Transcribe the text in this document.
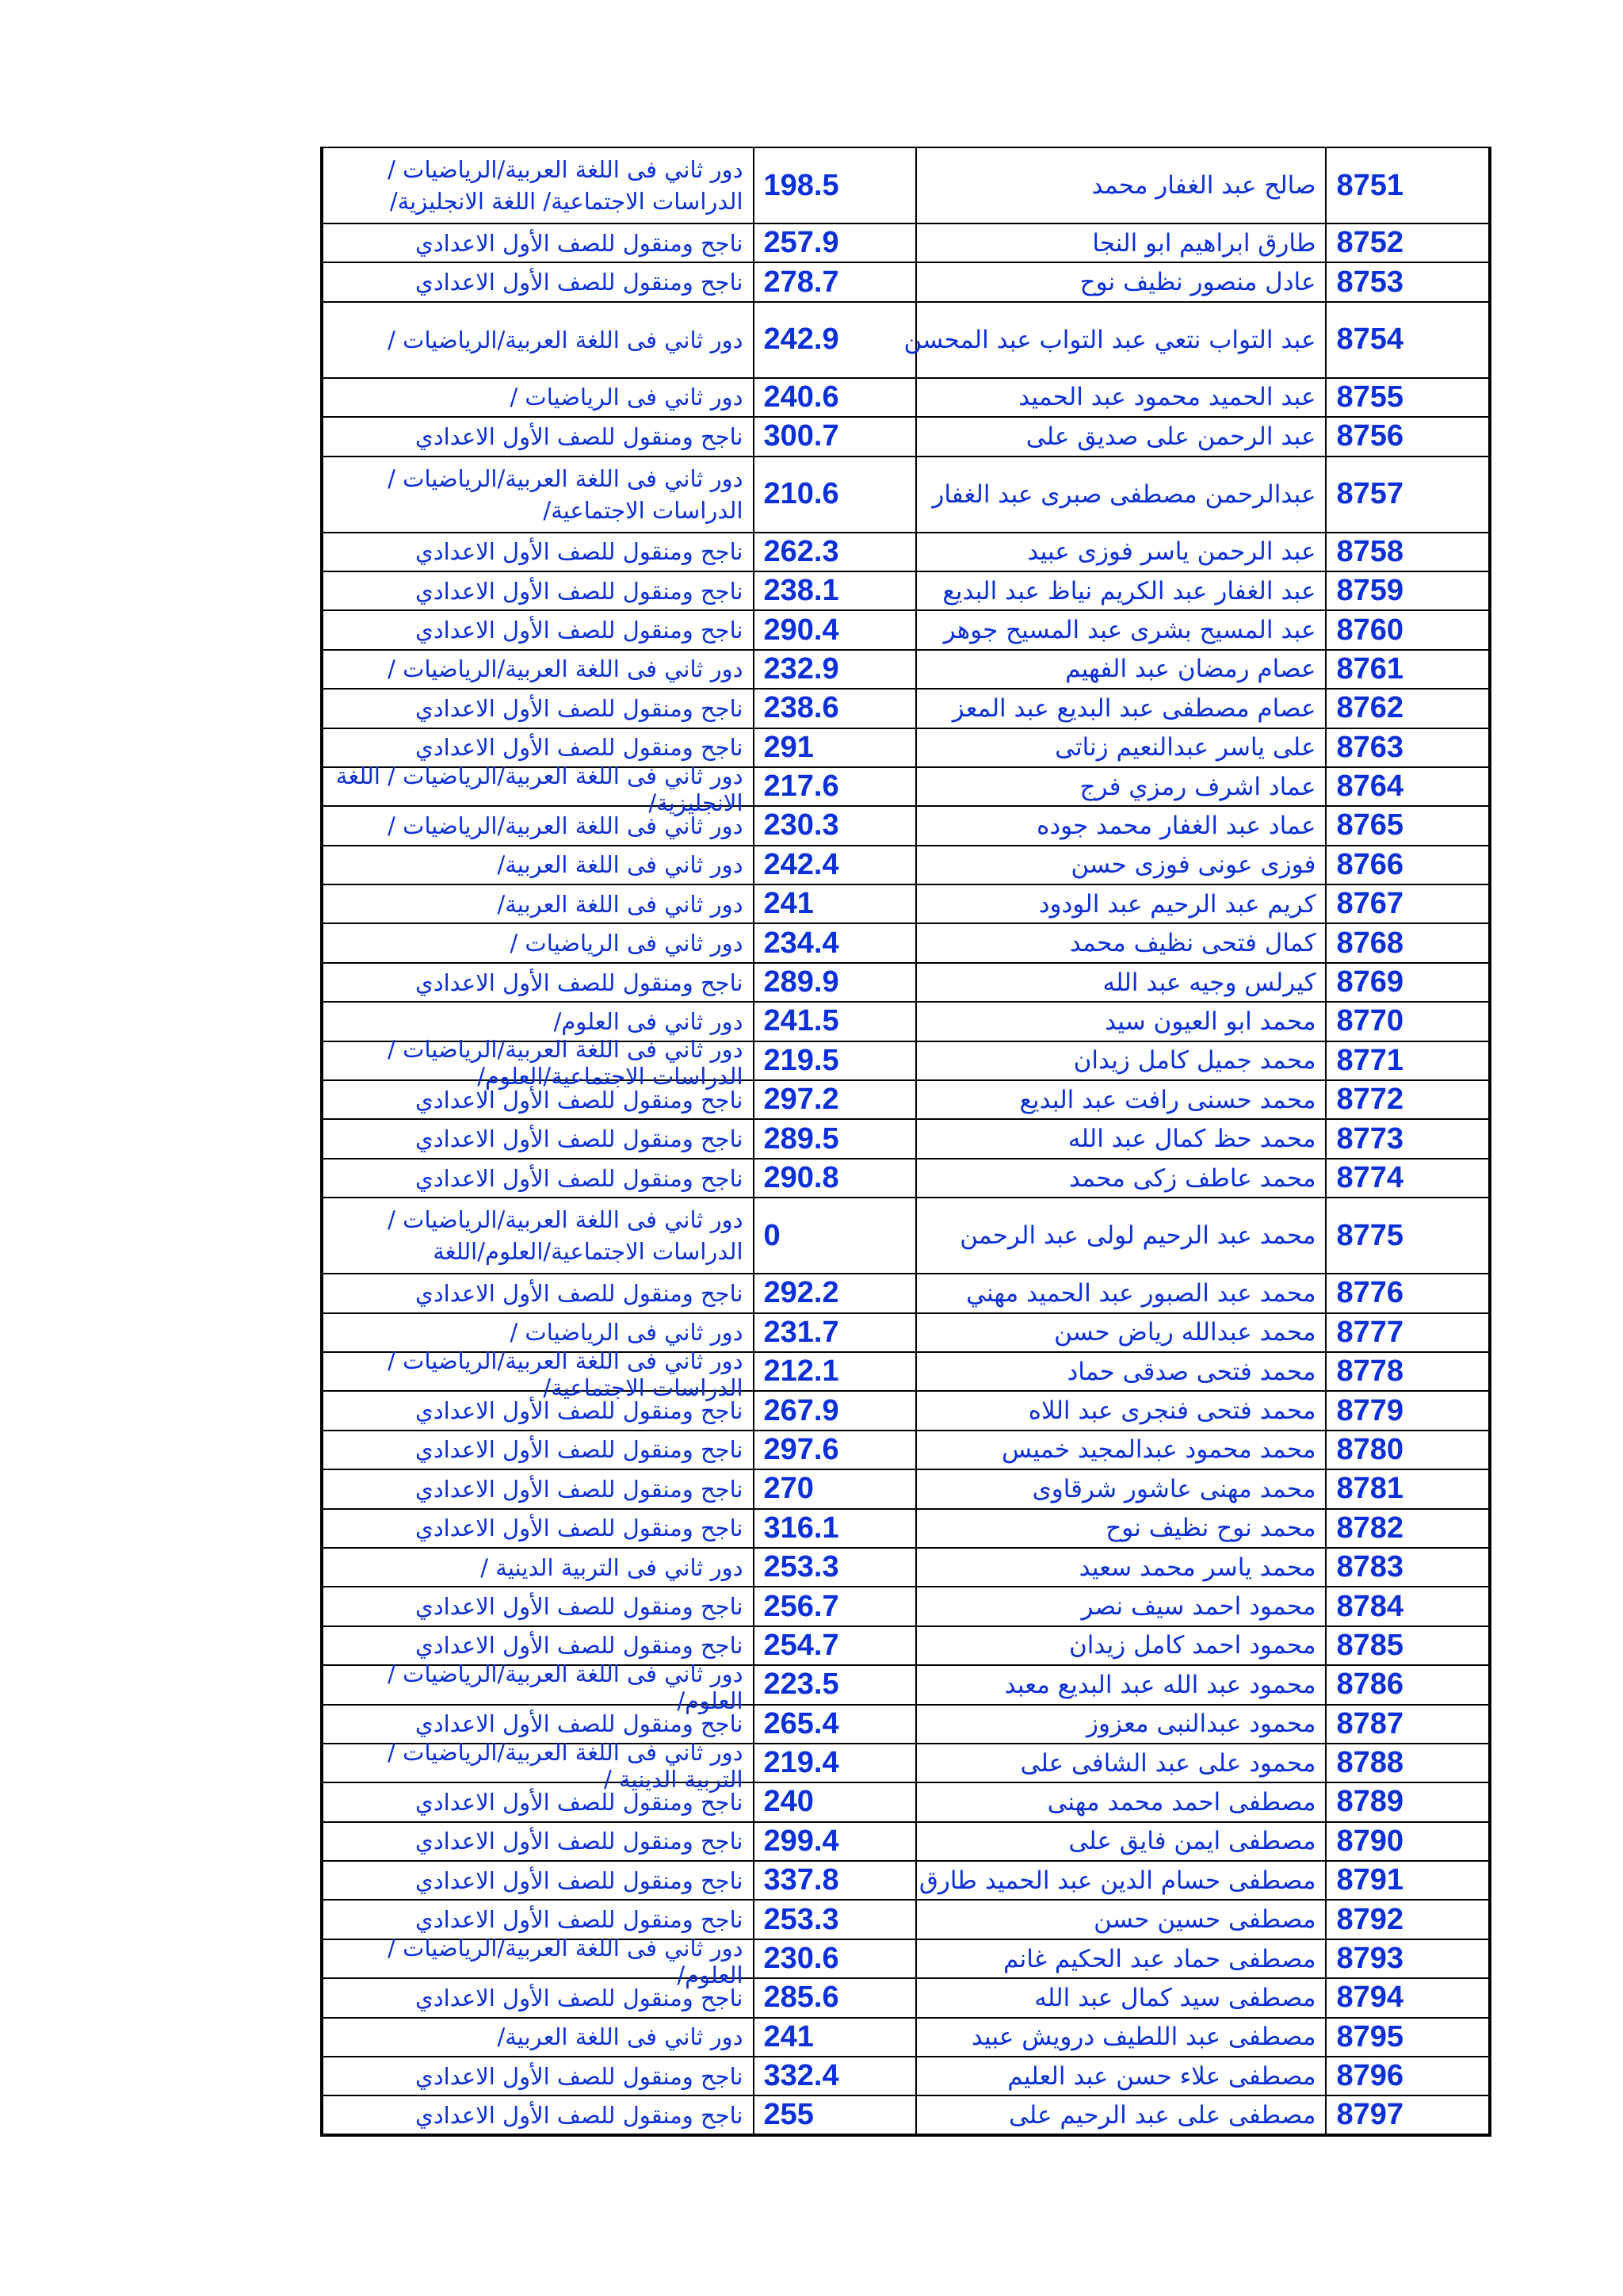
8751	صالح عبد الغفار محمد	198.5	دور ثاني فى اللغة العربية/الرياضيات / الدراسات الاجتماعية/ اللغة الانجليزية/

8752	طارق ابراهيم ابو النجا	257.9	ناجح ومنقول للصف الأول الاعدادي

8753	عادل منصور نظيف نوح	278.7	ناجح ومنقول للصف الأول الاعدادي

8754	عبد التواب نتعي عبد التواب عبد المحسن	242.9	دور ثاني فى اللغة العربية/الرياضيات /

8755	عبد الحميد محمود عبد الحميد	240.6	دور ثاني فى الرياضيات /

8756	عبد الرحمن على صديق على	300.7	ناجح ومنقول للصف الأول الاعدادي

8757	عبدالرحمن مصطفى صبرى عبد الغفار	210.6	دور ثاني فى اللغة العربية/الرياضيات / الدراسات الاجتماعية/

8758	عبد الرحمن ياسر فوزى عبيد	262.3	ناجح ومنقول للصف الأول الاعدادي

8759	عبد الغفار عبد الكريم نياظ عبد البديع	238.1	ناجح ومنقول للصف الأول الاعدادي

8760	عبد المسيح بشرى عبد المسيح جوهر	290.4	ناجح ومنقول للصف الأول الاعدادي

8761	عصام رمضان عبد الفهيم	232.9	دور ثاني فى اللغة العربية/الرياضيات /

8762	عصام مصطفى عبد البديع عبد المعز	238.6	ناجح ومنقول للصف الأول الاعدادي

8763	على ياسر عبدالنعيم زناتى	291	ناجح ومنقول للصف الأول الاعدادي

8764	عماد اشرف رمزي فرج	217.6	دور ثاني فى اللغة العربية/الرياضيات / اللغة الانجليزية/

8765	عماد عبد الغفار محمد جوده	230.3	دور ثاني فى اللغة العربية/الرياضيات /

8766	فوزى عونى فوزى حسن	242.4	دور ثاني فى اللغة العربية/

8767	كريم عبد الرحيم عبد الودود	241	دور ثاني فى اللغة العربية/

8768	كمال فتحى نظيف محمد	234.4	دور ثاني فى الرياضيات /

8769	كيرلس وجيه عبد الله	289.9	ناجح ومنقول للصف الأول الاعدادي

8770	محمد ابو العيون سيد	241.5	دور ثاني فى العلوم/

8771	محمد جميل كامل زيدان	219.5	دور ثاني فى اللغة العربية/الرياضيات / الدراسات الاجتماعية/العلوم/

8772	محمد حسنى رافت عبد البديع	297.2	ناجح ومنقول للصف الأول الاعدادي

8773	محمد حظ كمال عبد الله	289.5	ناجح ومنقول للصف الأول الاعدادي

8774	محمد عاطف زكى محمد	290.8	ناجح ومنقول للصف الأول الاعدادي

8775	محمد عبد الرحيم لولى عبد الرحمن	0	دور ثاني فى اللغة العربية/الرياضيات / الدراسات الاجتماعية/العلوم/اللغة

8776	محمد عبد الصبور عبد الحميد مهني	292.2	ناجح ومنقول للصف الأول الاعدادي

8777	محمد عبدالله رياض حسن	231.7	دور ثاني فى الرياضيات /

8778	محمد فتحى صدقى حماد	212.1	دور ثاني فى اللغة العربية/الرياضيات / الدراسات الاجتماعية/

8779	محمد فتحى فنجرى عبد اللاه	267.9	ناجح ومنقول للصف الأول الاعدادي

8780	محمد محمود عبدالمجيد خميس	297.6	ناجح ومنقول للصف الأول الاعدادي

8781	محمد مهنى عاشور شرقاوى	270	ناجح ومنقول للصف الأول الاعدادي

8782	محمد نوح نظيف نوح	316.1	ناجح ومنقول للصف الأول الاعدادي

8783	محمد ياسر محمد سعيد	253.3	دور ثاني فى التربية الدينية /

8784	محمود احمد سيف نصر	256.7	ناجح ومنقول للصف الأول الاعدادي

8785	محمود احمد كامل زيدان	254.7	ناجح ومنقول للصف الأول الاعدادي

8786	محمود عبد الله عبد البديع معبد	223.5	دور ثاني فى اللغة العربية/الرياضيات / العلوم/

8787	محمود عبدالنبى معزوز	265.4	ناجح ومنقول للصف الأول الاعدادي

8788	محمود على عبد الشافى على	219.4	دور ثاني فى اللغة العربية/الرياضيات / التربية الدينية /

8789	مصطفى احمد محمد مهنى	240	ناجح ومنقول للصف الأول الاعدادي

8790	مصطفى ايمن فايق على	299.4	ناجح ومنقول للصف الأول الاعدادي

8791	مصطفى حسام الدين عبد الحميد طارق	337.8	ناجح ومنقول للصف الأول الاعدادي

8792	مصطفى حسين حسن	253.3	ناجح ومنقول للصف الأول الاعدادي

8793	مصطفى حماد عبد الحكيم غانم	230.6	دور ثاني فى اللغة العربية/الرياضيات / العلوم/

8794	مصطفى سيد كمال عبد الله	285.6	ناجح ومنقول للصف الأول الاعدادي

8795	مصطفى عبد اللطيف درويش عبيد	241	دور ثاني فى اللغة العربية/

8796	مصطفى علاء حسن عبد العليم	332.4	ناجح ومنقول للصف الأول الاعدادي

8797	مصطفى على عبد الرحيم على	255	ناجح ومنقول للصف الأول الاعدادي
